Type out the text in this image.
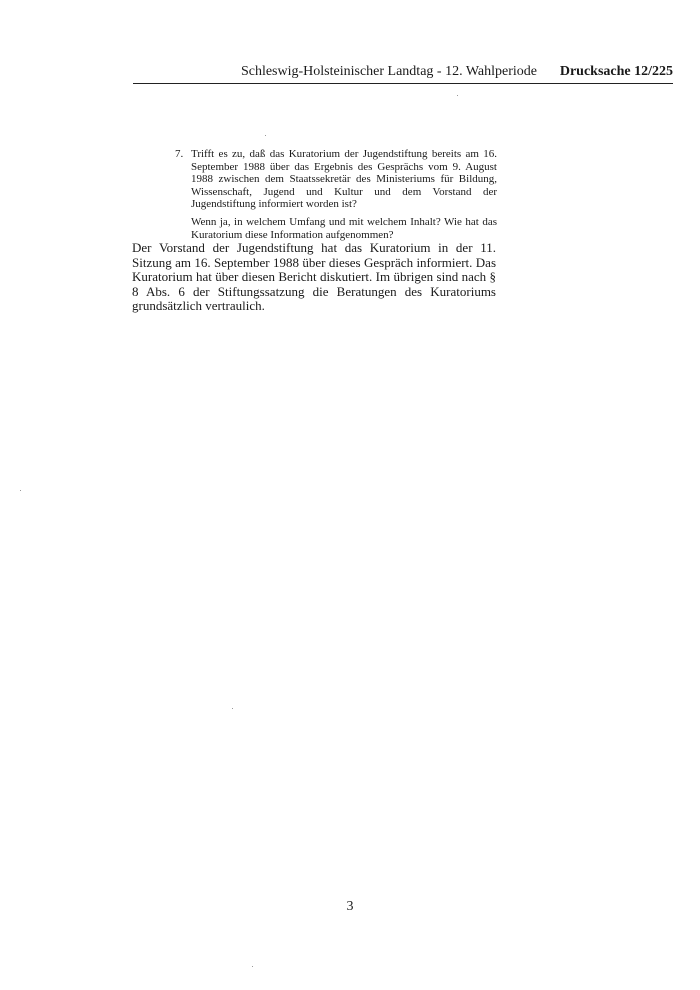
Schleswig-Holsteinischer Landtag - 12. Wahlperiode Drucksache 12/225
7. Trifft es zu, daß das Kuratorium der Jugendstiftung bereits am 16. September 1988 über das Ergebnis des Gesprächs vom 9. August 1988 zwischen dem Staatssekretär des Ministeriums für Bildung, Wissenschaft, Jugend und Kultur und dem Vorstand der Jugendstiftung informiert worden ist?

Wenn ja, in welchem Umfang und mit welchem Inhalt? Wie hat das Kuratorium diese Information aufgenommen?

Der Vorstand der Jugendstiftung hat das Kuratorium in der 11. Sitzung am 16. September 1988 über dieses Gespräch informiert. Das Kuratorium hat über diesen Bericht diskutiert. Im übrigen sind nach § 8 Abs. 6 der Stiftungssatzung die Beratungen des Kuratoriums grundsätzlich vertraulich.

3
